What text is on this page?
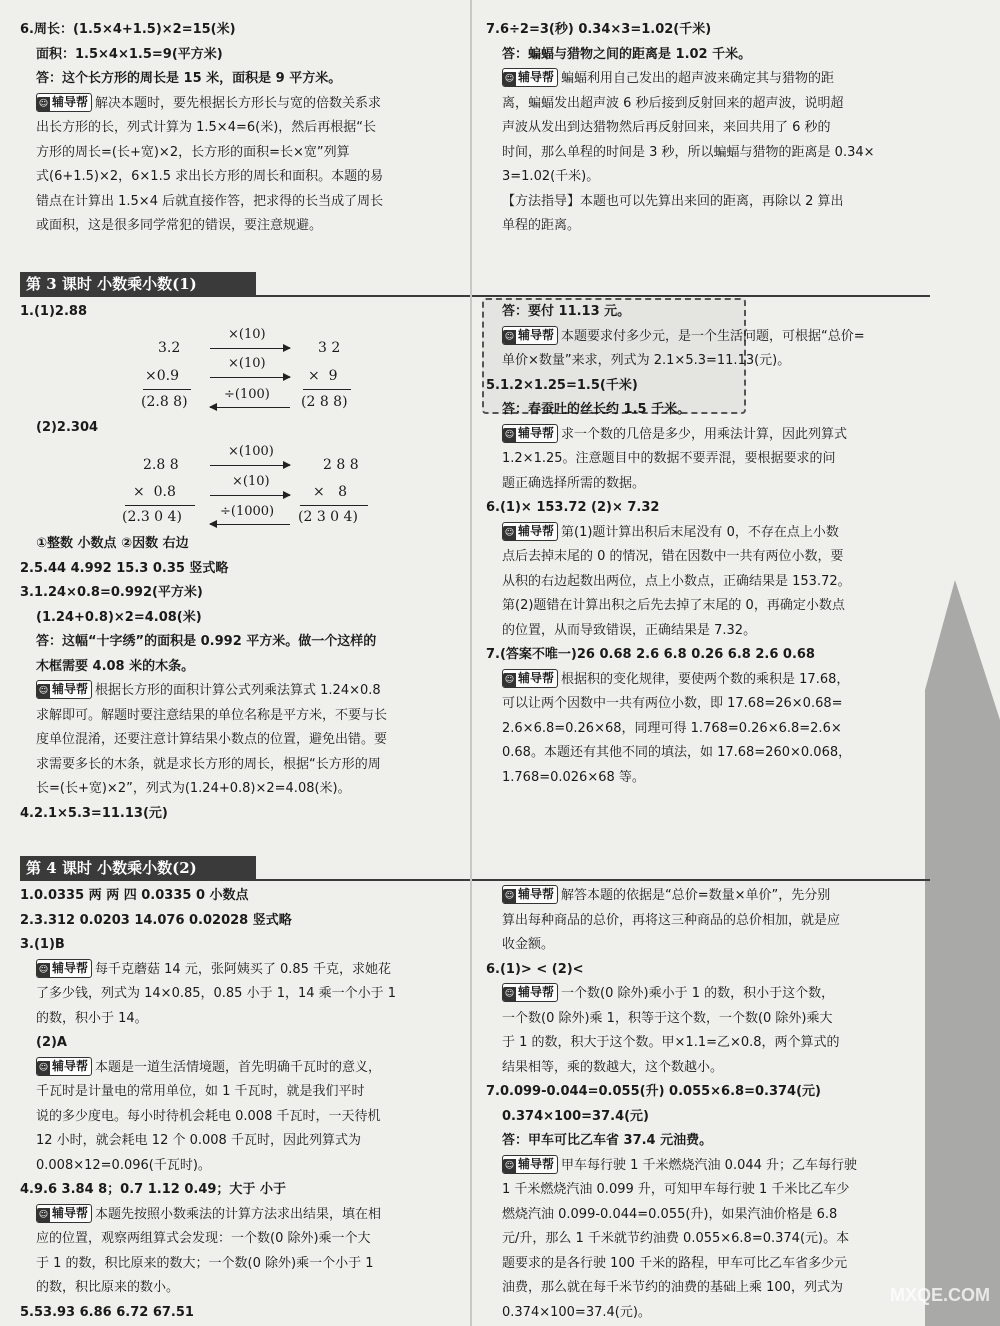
6.周长：(1.5×4+1.5)×2=15(米)

面积：1.5×4×1.5=9(平方米)

答：这个长方形的周长是 15 米，面积是 9 平方米。

☺ 辅导帮 解决本题时，要先根据长方形长与宽的倍数关系求

出长方形的长，列式计算为 1.5×4=6(米)，然后再根据“长

方形的周长=(长+宽)×2，长方形的面积=长×宽”列算

式(6+1.5)×2，6×1.5 求出长方形的周长和面积。本题的易

错点在计算出 1.5×4 后就直接作答，把求得的长当成了周长

或面积，这是很多同学常犯的错误，要注意规避。

7.6÷2=3(秒) 0.34×3=1.02(千米)

答：蝙蝠与猎物之间的距离是 1.02 千米。

☺ 辅导帮 蝙蝠利用自己发出的超声波来确定其与猎物的距

离，蝙蝠发出超声波 6 秒后接到反射回来的超声波，说明超

声波从发出到达猎物然后再反射回来，来回共用了 6 秒的

时间，那么单程的时间是 3 秒，所以蝙蝠与猎物的距离是 0.34×

3=1.02(千米)。

【方法指导】本题也可以先算出来回的距离，再除以 2 算出

单程的距离。

第 3 课时 小数乘小数(1)

1.(1)2.88

3.2
×0.9
(2.8 8)
3 2
×  9
(2 8 8)
×(10)
×(10)
÷(100)

(2)2.304

2.8 8
×  0.8
(2.3 0 4)
2 8 8
×   8
(2 3 0 4)
×(100)
×(10)
÷(1000)

①整数 小数点 ②因数 右边

2.5.44 4.992 15.3 0.35 竖式略

3.1.24×0.8=0.992(平方米)

(1.24+0.8)×2=4.08(米)

答：这幅“十字绣”的面积是 0.992 平方米。做一个这样的

木框需要 4.08 米的木条。

☺ 辅导帮 根据长方形的面积计算公式列乘法算式 1.24×0.8

求解即可。解题时要注意结果的单位名称是平方米，不要与长

度单位混淆，还要注意计算结果小数点的位置，避免出错。要

求需要多长的木条，就是求长方形的周长，根据“长方形的周

长=(长+宽)×2”，列式为(1.24+0.8)×2=4.08(米)。

4.2.1×5.3=11.13(元)

答：要付 11.13 元。

☺ 辅导帮 本题要求付多少元，是一个生活问题，可根据“总价=

单价×数量”来求，列式为 2.1×5.3=11.13(元)。

5.1.2×1.25=1.5(千米)

答：春蚕吐的丝长约 1.5 千米。

☺ 辅导帮 求一个数的几倍是多少，用乘法计算，因此列算式

1.2×1.25。注意题目中的数据不要弄混，要根据要求的问

题正确选择所需的数据。

6.(1)× 153.72 (2)× 7.32

☺ 辅导帮 第(1)题计算出积后末尾没有 0，不存在点上小数

点后去掉末尾的 0 的情况，错在因数中一共有两位小数，要

从积的右边起数出两位，点上小数点，正确结果是 153.72。

第(2)题错在计算出积之后先去掉了末尾的 0，再确定小数点

的位置，从而导致错误，正确结果是 7.32。

7.(答案不唯一)26 0.68 2.6 6.8 0.26 6.8 2.6 0.68

☺ 辅导帮 根据积的变化规律，要使两个数的乘积是 17.68，

可以让两个因数中一共有两位小数，即 17.68=26×0.68=

2.6×6.8=0.26×68，同理可得 1.768=0.26×6.8=2.6×

0.68。本题还有其他不同的填法，如 17.68=260×0.068，

1.768=0.026×68 等。

第 4 课时 小数乘小数(2)

1.0.0335 两 两 四 0.0335 0 小数点

2.3.312 0.0203 14.076 0.02028 竖式略

3.(1)B

☺ 辅导帮 每千克蘑菇 14 元，张阿姨买了 0.85 千克，求她花

了多少钱，列式为 14×0.85，0.85 小于 1，14 乘一个小于 1

的数，积小于 14。

(2)A

☺ 辅导帮 本题是一道生活情境题，首先明确千瓦时的意义，

千瓦时是计量电的常用单位，如 1 千瓦时，就是我们平时

说的多少度电。每小时待机会耗电 0.008 千瓦时，一天待机

12 小时，就会耗电 12 个 0.008 千瓦时，因此列算式为

0.008×12=0.096(千瓦时)。

4.9.6 3.84 8；0.7 1.12 0.49；大于 小于

☺ 辅导帮 本题先按照小数乘法的计算方法求出结果，填在相

应的位置，观察两组算式会发现：一个数(0 除外)乘一个大

于 1 的数，积比原来的数大；一个数(0 除外)乘一个小于 1

的数，积比原来的数小。

5.53.93 6.86 6.72 67.51

☺ 辅导帮 解答本题的依据是“总价=数量×单价”，先分别

算出每种商品的总价，再将这三种商品的总价相加，就是应

收金额。

6.(1)> < (2)<

☺ 辅导帮 一个数(0 除外)乘小于 1 的数，积小于这个数，

一个数(0 除外)乘 1，积等于这个数，一个数(0 除外)乘大

于 1 的数，积大于这个数。甲×1.1=乙×0.8，两个算式的

结果相等，乘的数越大，这个数越小。

7.0.099-0.044=0.055(升) 0.055×6.8=0.374(元)

0.374×100=37.4(元)

答：甲车可比乙车省 37.4 元油费。

☺ 辅导帮 甲车每行驶 1 千米燃烧汽油 0.044 升；乙车每行驶

1 千米燃烧汽油 0.099 升，可知甲车每行驶 1 千米比乙车少

燃烧汽油 0.099-0.044=0.055(升)，如果汽油价格是 6.8

元/升，那么 1 千米就节约油费 0.055×6.8=0.374(元)。本

题要求的是各行驶 100 千米的路程，甲车可比乙车省多少元

油费，那么就在每千米节约的油费的基础上乘 100，列式为

0.374×100=37.4(元)。

MXQE.COM
